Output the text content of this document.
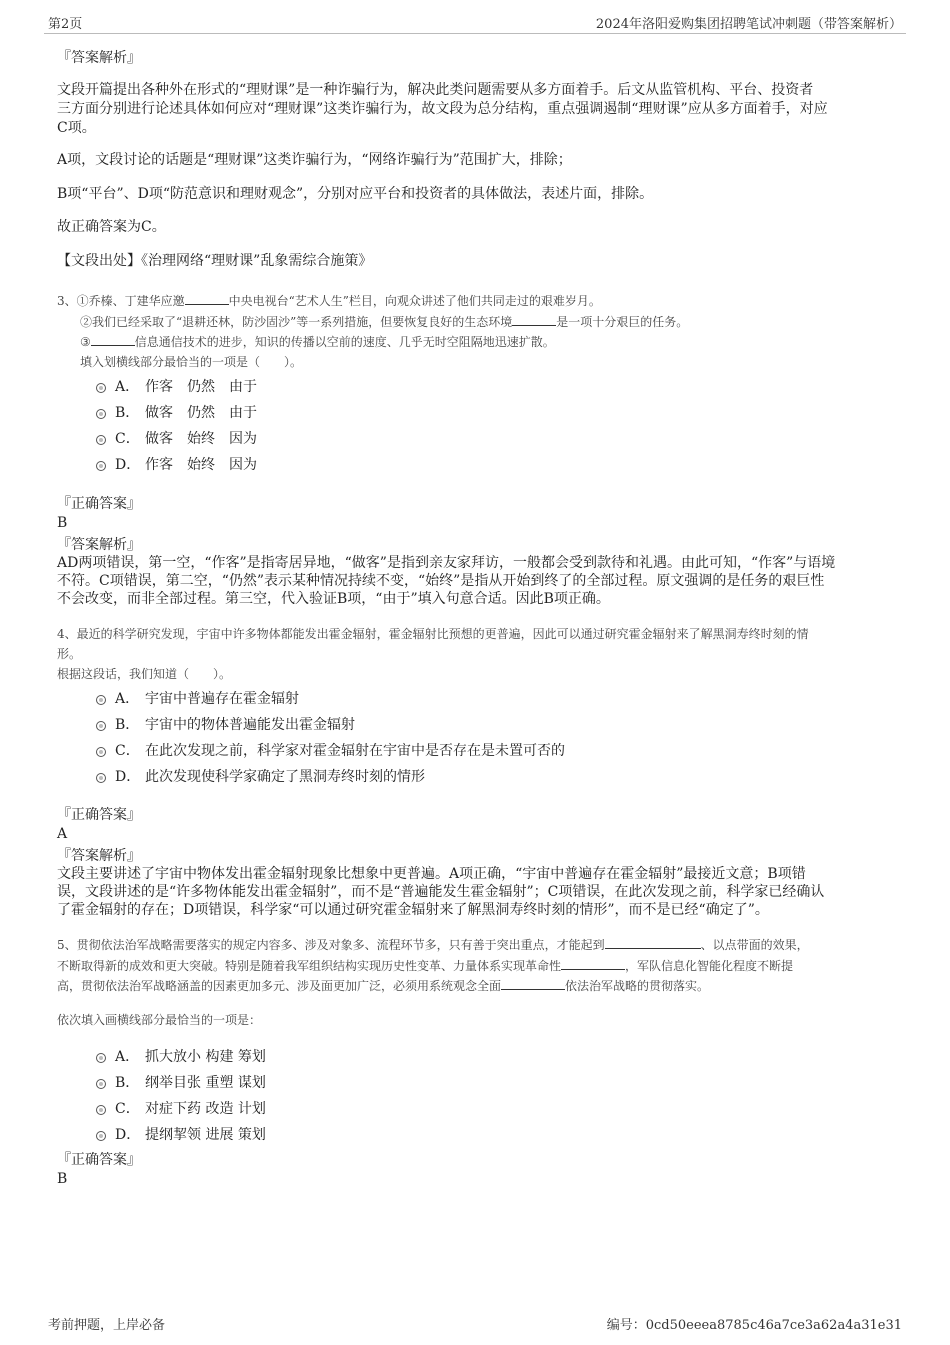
第2页	2024年洛阳爱购集团招聘笔试冲刺题（带答案解析）
『答案解析』
文段开篇提出各种外在形式的“理财课”是一种诈骗行为，解决此类问题需要从多方面着手。后文从监管机构、平台、投资者
三方面分别进行论述具体如何应对“理财课”这类诈骗行为，故文段为总分结构，重点强调遏制“理财课”应从多方面着手，对应
C项。
A项，文段讨论的话题是“理财课”这类诈骗行为，“网络诈骗行为”范围扩大，排除；
B项“平台”、D项“防范意识和理财观念”，分别对应平台和投资者的具体做法，表述片面，排除。
故正确答案为C。
【文段出处】《治理网络“理财课”乱象需综合施策》
3、①乔榛、丁建华应邀	中央电视台“艺术人生”栏目，向观众讲述了他们共同走过的艰难岁月。
②我们已经采取了“退耕还林，防沙固沙”等一系列措施，但要恢复良好的生态环境	是一项十分艰巨的任务。
③	信息通信技术的进步，知识的传播以空前的速度、几乎无时空阻隔地迅速扩散。
填入划横线部分最恰当的一项是（　　）。
A． 作客　仍然　由于
B． 做客　仍然　由于
C． 做客　始终　因为
D． 作客　始终　因为
『正确答案』
B
『答案解析』
AD两项错误，第一空，“作客”是指寄居异地，“做客”是指到亲友家拜访，一般都会受到款待和礼遇。由此可知，“作客”与语境
不符。C项错误，第二空，“仍然”表示某种情况持续不变，“始终”是指从开始到终了的全部过程。原文强调的是任务的艰巨性
不会改变，而非全部过程。第三空，代入验证B项，“由于”填入句意合适。因此B项正确。
4、最近的科学研究发现，宇宙中许多物体都能发出霍金辐射，霍金辐射比预想的更普遍，因此可以通过研究霍金辐射来了解黑洞寿终时刻的情
形。
根据这段话，我们知道（　　）。
A． 宇宙中普遍存在霍金辐射
B． 宇宙中的物体普遍能发出霍金辐射
C． 在此次发现之前，科学家对霍金辐射在宇宙中是否存在是未置可否的
D． 此次发现使科学家确定了黑洞寿终时刻的情形
『正确答案』
A
『答案解析』
文段主要讲述了宇宙中物体发出霍金辐射现象比想象中更普遍。A项正确，“宇宙中普遍存在霍金辐射”最接近文意；B项错
误，文段讲述的是“许多物体能发出霍金辐射”，而不是“普遍能发生霍金辐射”；C项错误，在此次发现之前，科学家已经确认
了霍金辐射的存在；D项错误，科学家“可以通过研究霍金辐射来了解黑洞寿终时刻的情形”，而不是已经“确定了”。
5、贯彻依法治军战略需要落实的规定内容多、涉及对象多、流程环节多，只有善于突出重点，才能起到	、以点带面的效果，
不断取得新的成效和更大突破。特别是随着我军组织结构实现历史性变革、力量体系实现革命性	，军队信息化智能化程度不断提
高，贯彻依法治军战略涵盖的因素更加多元、涉及面更加广泛，必须用系统观念全面	依法治军战略的贯彻落实。
依次填入画横线部分最恰当的一项是：
A． 抓大放小 构建 筹划
B． 纲举目张 重塑 谋划
C． 对症下药 改造 计划
D． 提纲挈领 进展 策划
『正确答案』
B
考前押题，上岸必备	编号：0cd50eeea8785c46a7ce3a62a4a31e31
